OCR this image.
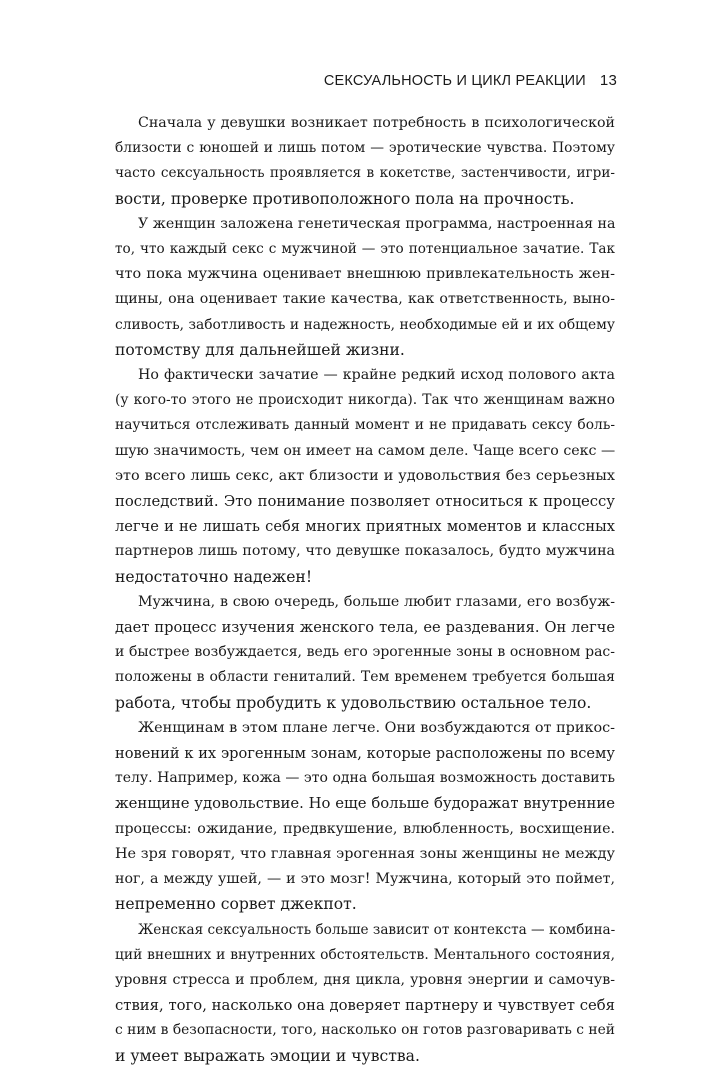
СЕКСУАЛЬНОСТЬ И ЦИКЛ РЕАКЦИИ 13

Сначала у девушки возникает потребность в психологической
близости с юношей и лишь потом — эротические чувства. Поэтому
часто сексуальность проявляется в кокетстве, застенчивости, игри-
вости, проверке противоположного пола на прочность.

У женщин заложена генетическая программа, настроенная на
то, что каждый секс с мужчиной — это потенциальное зачатие. Так
что пока мужчина оценивает внешнюю привлекательность жен-
щины, она оценивает такие качества, как ответственность, выно-
сливость, заботливость и надежность, необходимые ей и их общему
потомству для дальнейшей жизни.

Но фактически зачатие — крайне редкий исход полового акта
(у кого-то этого не происходит никогда). Так что женщинам важно
научиться отслеживать данный момент и не придавать сексу боль-
шую значимость, чем он имеет на самом деле. Чаще всего секс —
это всего лишь секс, акт близости и удовольствия без серьезных
последствий. Это понимание позволяет относиться к процессу
легче и не лишать себя многих приятных моментов и классных
партнеров лишь потому, что девушке показалось, будто мужчина
недостаточно надежен!

Мужчина, в свою очередь, больше любит глазами, его возбуж-
дает процесс изучения женского тела, ее раздевания. Он легче
и быстрее возбуждается, ведь его эрогенные зоны в основном рас-
положены в области гениталий. Тем временем требуется большая
работа, чтобы пробудить к удовольствию остальное тело.

Женщинам в этом плане легче. Они возбуждаются от прикос-
новений к их эрогенным зонам, которые расположены по всему
телу. Например, кожа — это одна большая возможность доставить
женщине удовольствие. Но еще больше будоражат внутренние
процессы: ожидание, предвкушение, влюбленность, восхищение.
Не зря говорят, что главная эрогенная зоны женщины не между
ног, а между ушей, — и это мозг! Мужчина, который это поймет,
непременно сорвет джекпот.

Женская сексуальность больше зависит от контекста — комбина-
ций внешних и внутренних обстоятельств. Ментального состояния,
уровня стресса и проблем, дня цикла, уровня энергии и самочув-
ствия, того, насколько она доверяет партнеру и чувствует себя
с ним в безопасности, того, насколько он готов разговаривать с ней
и умеет выражать эмоции и чувства.
